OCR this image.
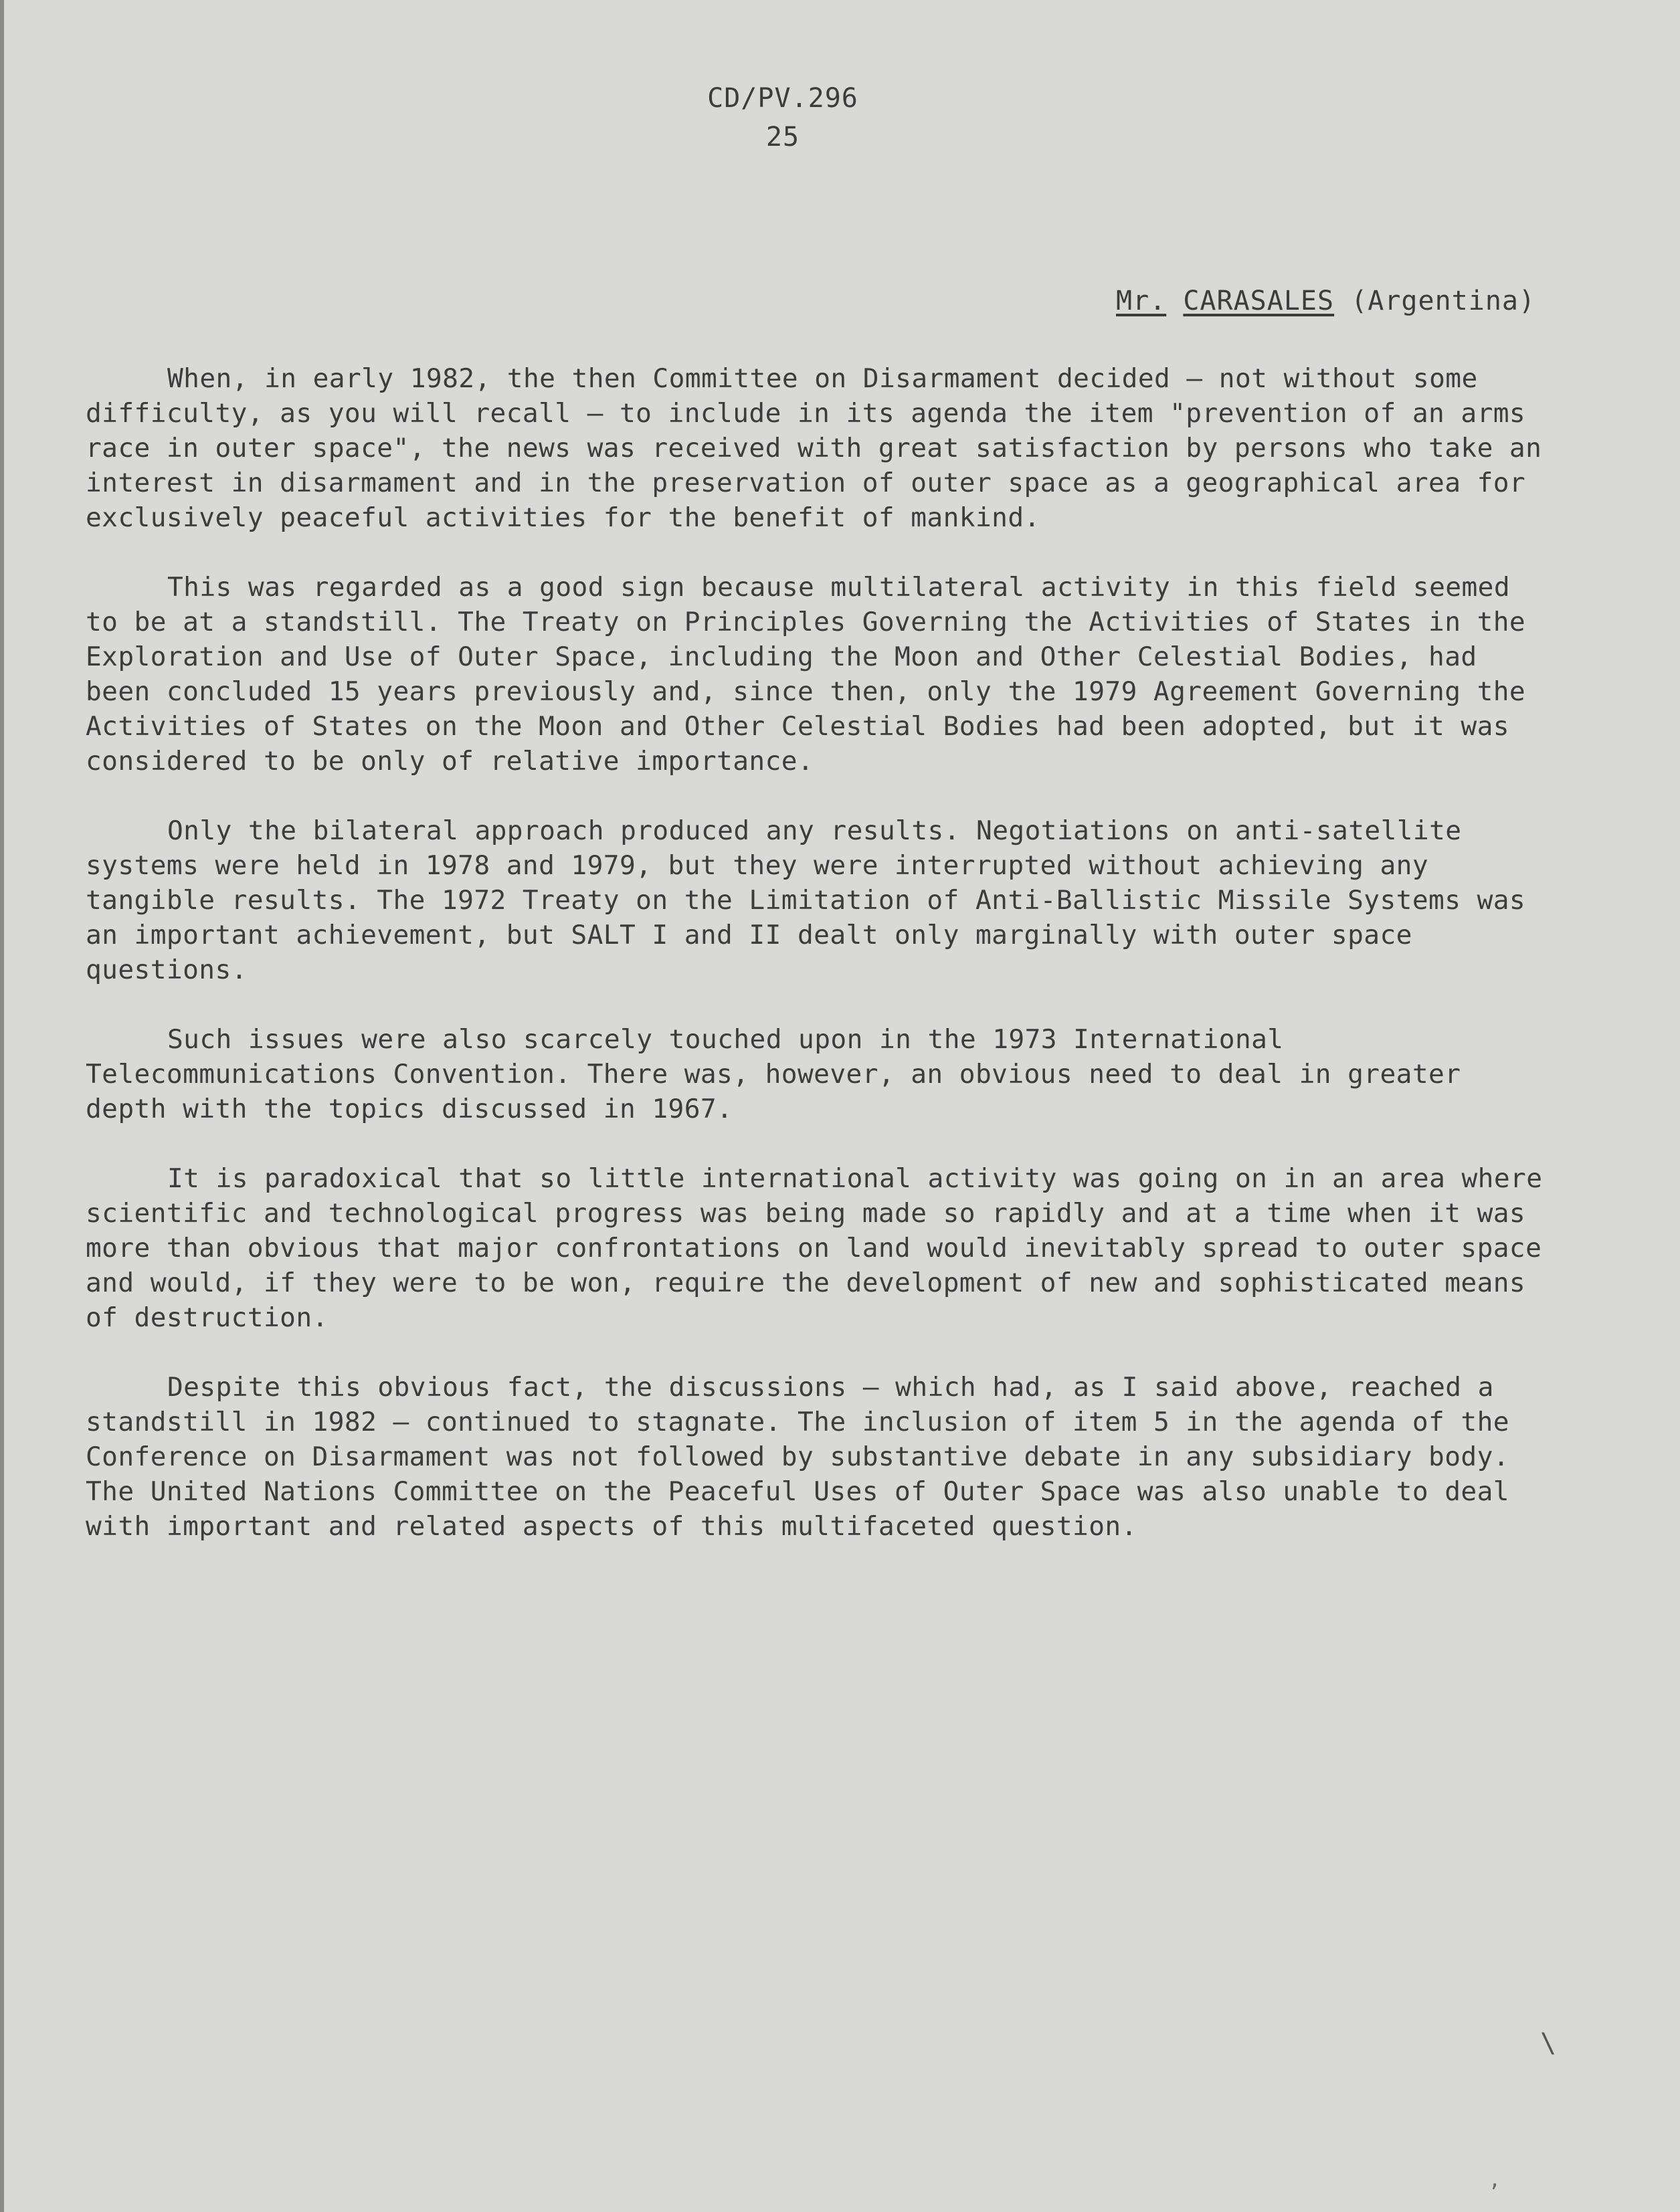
CD/PV.296
25
Mr. CARASALES (Argentina)

When, in early 1982, the then Committee on Disarmament decided — not without some difficulty, as you will recall — to include in its agenda the item "prevention of an arms race in outer space", the news was received with great satisfaction by persons who take an interest in disarmament and in the preservation of outer space as a geographical area for exclusively peaceful activities for the benefit of mankind.

This was regarded as a good sign because multilateral activity in this field seemed to be at a standstill. The Treaty on Principles Governing the Activities of States in the Exploration and Use of Outer Space, including the Moon and Other Celestial Bodies, had been concluded 15 years previously and, since then, only the 1979 Agreement Governing the Activities of States on the Moon and Other Celestial Bodies had been adopted, but it was considered to be only of relative importance.

Only the bilateral approach produced any results. Negotiations on anti-satellite systems were held in 1978 and 1979, but they were interrupted without achieving any tangible results. The 1972 Treaty on the Limitation of Anti-Ballistic Missile Systems was an important achievement, but SALT I and II dealt only marginally with outer space questions.

Such issues were also scarcely touched upon in the 1973 International Telecommunications Convention. There was, however, an obvious need to deal in greater depth with the topics discussed in 1967.

It is paradoxical that so little international activity was going on in an area where scientific and technological progress was being made so rapidly and at a time when it was more than obvious that major confrontations on land would inevitably spread to outer space and would, if they were to be won, require the development of new and sophisticated means of destruction.

Despite this obvious fact, the discussions — which had, as I said above, reached a standstill in 1982 — continued to stagnate. The inclusion of item 5 in the agenda of the Conference on Disarmament was not followed by substantive debate in any subsidiary body. The United Nations Committee on the Peaceful Uses of Outer Space was also unable to deal with important and related aspects of this multifaceted question.

\
,
